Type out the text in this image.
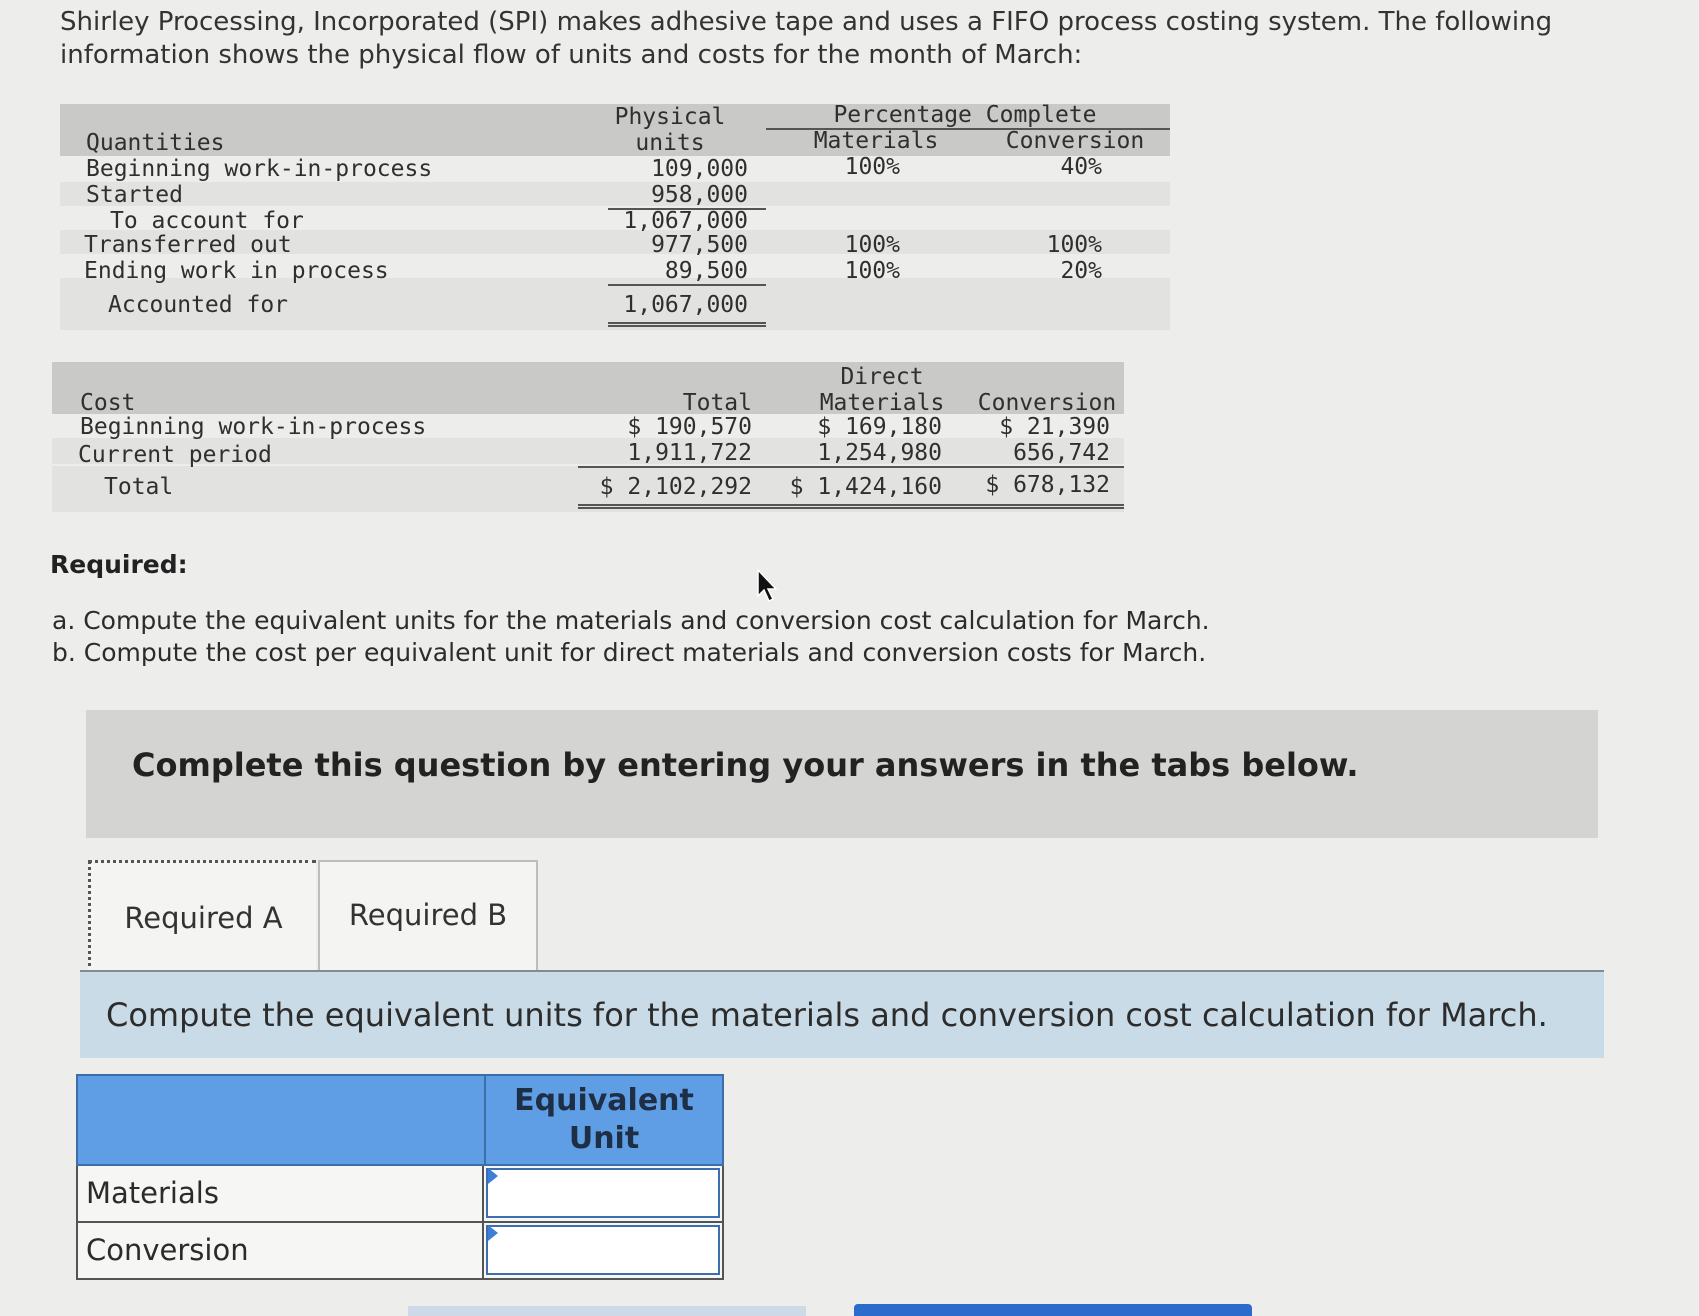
Shirley Processing, Incorporated (SPI) makes adhesive tape and uses a FIFO process costing system. The following information shows the physical flow of units and costs for the month of March:
Quantities
Physical
units
Percentage Complete
Materials	Conversion
Beginning work-in-process	109,000	100%	40%
Started	958,000
To account for	1,067,000
Transferred out	977,500	100%	100%
Ending work in process	89,500	100%	20%
Accounted for	1,067,000
Cost	Total
Direct
Materials	Conversion
Beginning work-in-process	$ 190,570	$ 169,180	$ 21,390
Current period	1,911,722	1,254,980	656,742
Total	$ 2,102,292	$ 1,424,160	$ 678,132
Required:
a. Compute the equivalent units for the materials and conversion cost calculation for March.
b. Compute the cost per equivalent unit for direct materials and conversion costs for March.
Complete this question by entering your answers in the tabs below.
Required A	Required B
Compute the equivalent units for the materials and conversion cost calculation for March.
Equivalent Unit
Materials
Conversion
